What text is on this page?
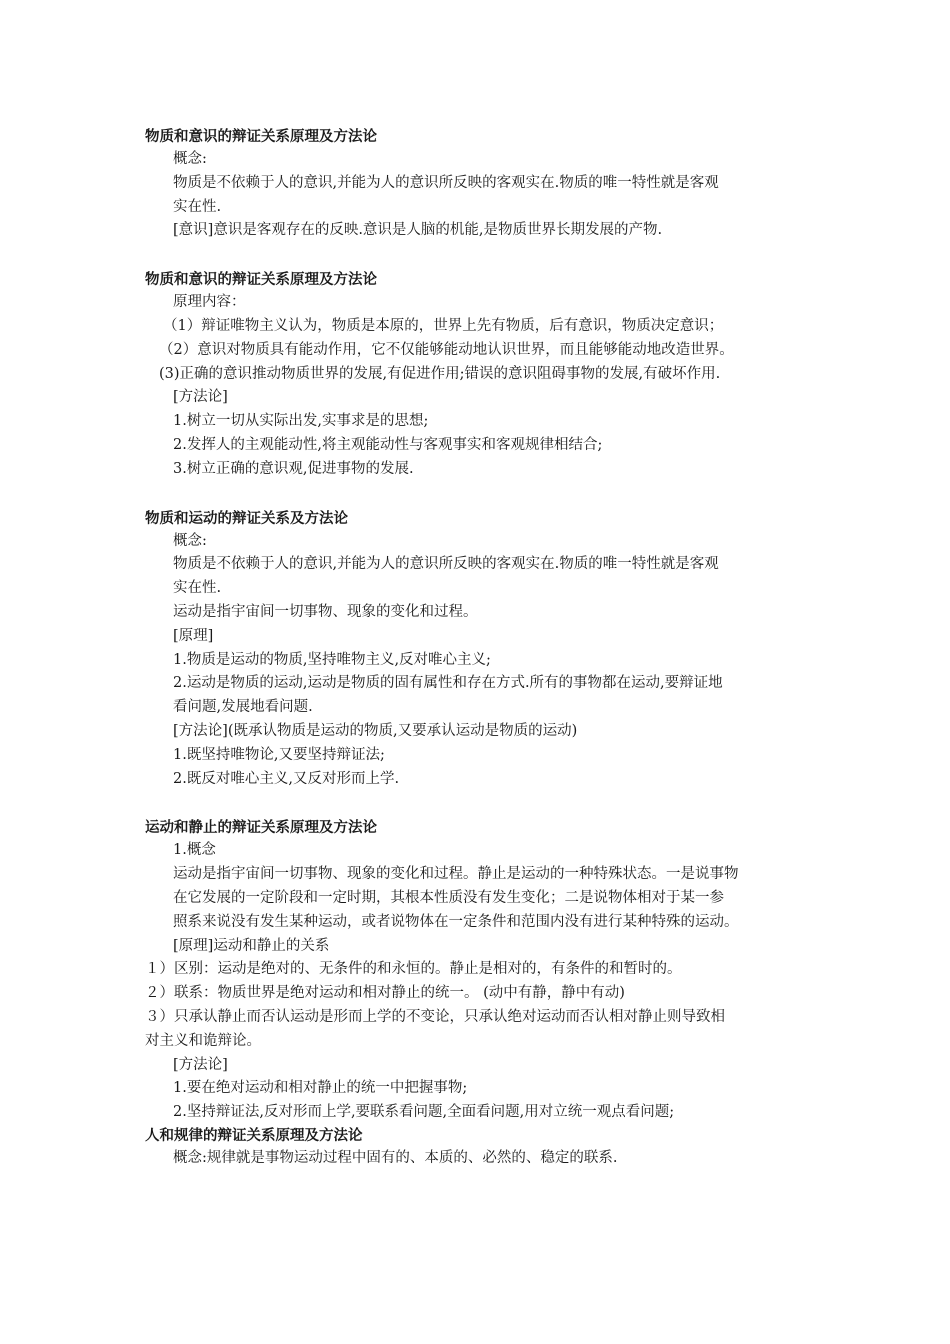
物质和意识的辩证关系原理及方法论

概念:

物质是不依赖于人的意识,并能为人的意识所反映的客观实在.物质的唯一特性就是客观

实在性.

[意识]意识是客观存在的反映.意识是人脑的机能,是物质世界长期发展的产物.

物质和意识的辩证关系原理及方法论

原理内容：

（1）辩证唯物主义认为，物质是本原的，世界上先有物质，后有意识，物质决定意识；

（2）意识对物质具有能动作用，它不仅能够能动地认识世界，而且能够能动地改造世界。

(3)正确的意识推动物质世界的发展,有促进作用;错误的意识阻碍事物的发展,有破坏作用.

[方法论]

1.树立一切从实际出发,实事求是的思想;

2.发挥人的主观能动性,将主观能动性与客观事实和客观规律相结合;

3.树立正确的意识观,促进事物的发展.

物质和运动的辩证关系及方法论

概念:

物质是不依赖于人的意识,并能为人的意识所反映的客观实在.物质的唯一特性就是客观

实在性.

运动是指宇宙间一切事物、现象的变化和过程。

[原理]

1.物质是运动的物质,坚持唯物主义,反对唯心主义;

2.运动是物质的运动,运动是物质的固有属性和存在方式.所有的事物都在运动,要辩证地

看问题,发展地看问题.

[方法论](既承认物质是运动的物质,又要承认运动是物质的运动)

1.既坚持唯物论,又要坚持辩证法;

2.既反对唯心主义,又反对形而上学.

运动和静止的辩证关系原理及方法论

1.概念

运动是指宇宙间一切事物、现象的变化和过程。静止是运动的一种特殊状态。一是说事物

在它发展的一定阶段和一定时期，其根本性质没有发生变化；二是说物体相对于某一参

照系来说没有发生某种运动，或者说物体在一定条件和范围内没有进行某种特殊的运动。

[原理]运动和静止的关系

１）区别：运动是绝对的、无条件的和永恒的。静止是相对的，有条件的和暂时的。

２）联系：物质世界是绝对运动和相对静止的统一。 (动中有静，静中有动)

３）只承认静止而否认运动是形而上学的不变论，只承认绝对运动而否认相对静止则导致相

对主义和诡辩论。

[方法论]

1.要在绝对运动和相对静止的统一中把握事物;

2.坚持辩证法,反对形而上学,要联系看问题,全面看问题,用对立统一观点看问题;

人和规律的辩证关系原理及方法论

概念:规律就是事物运动过程中固有的、本质的、必然的、稳定的联系.
